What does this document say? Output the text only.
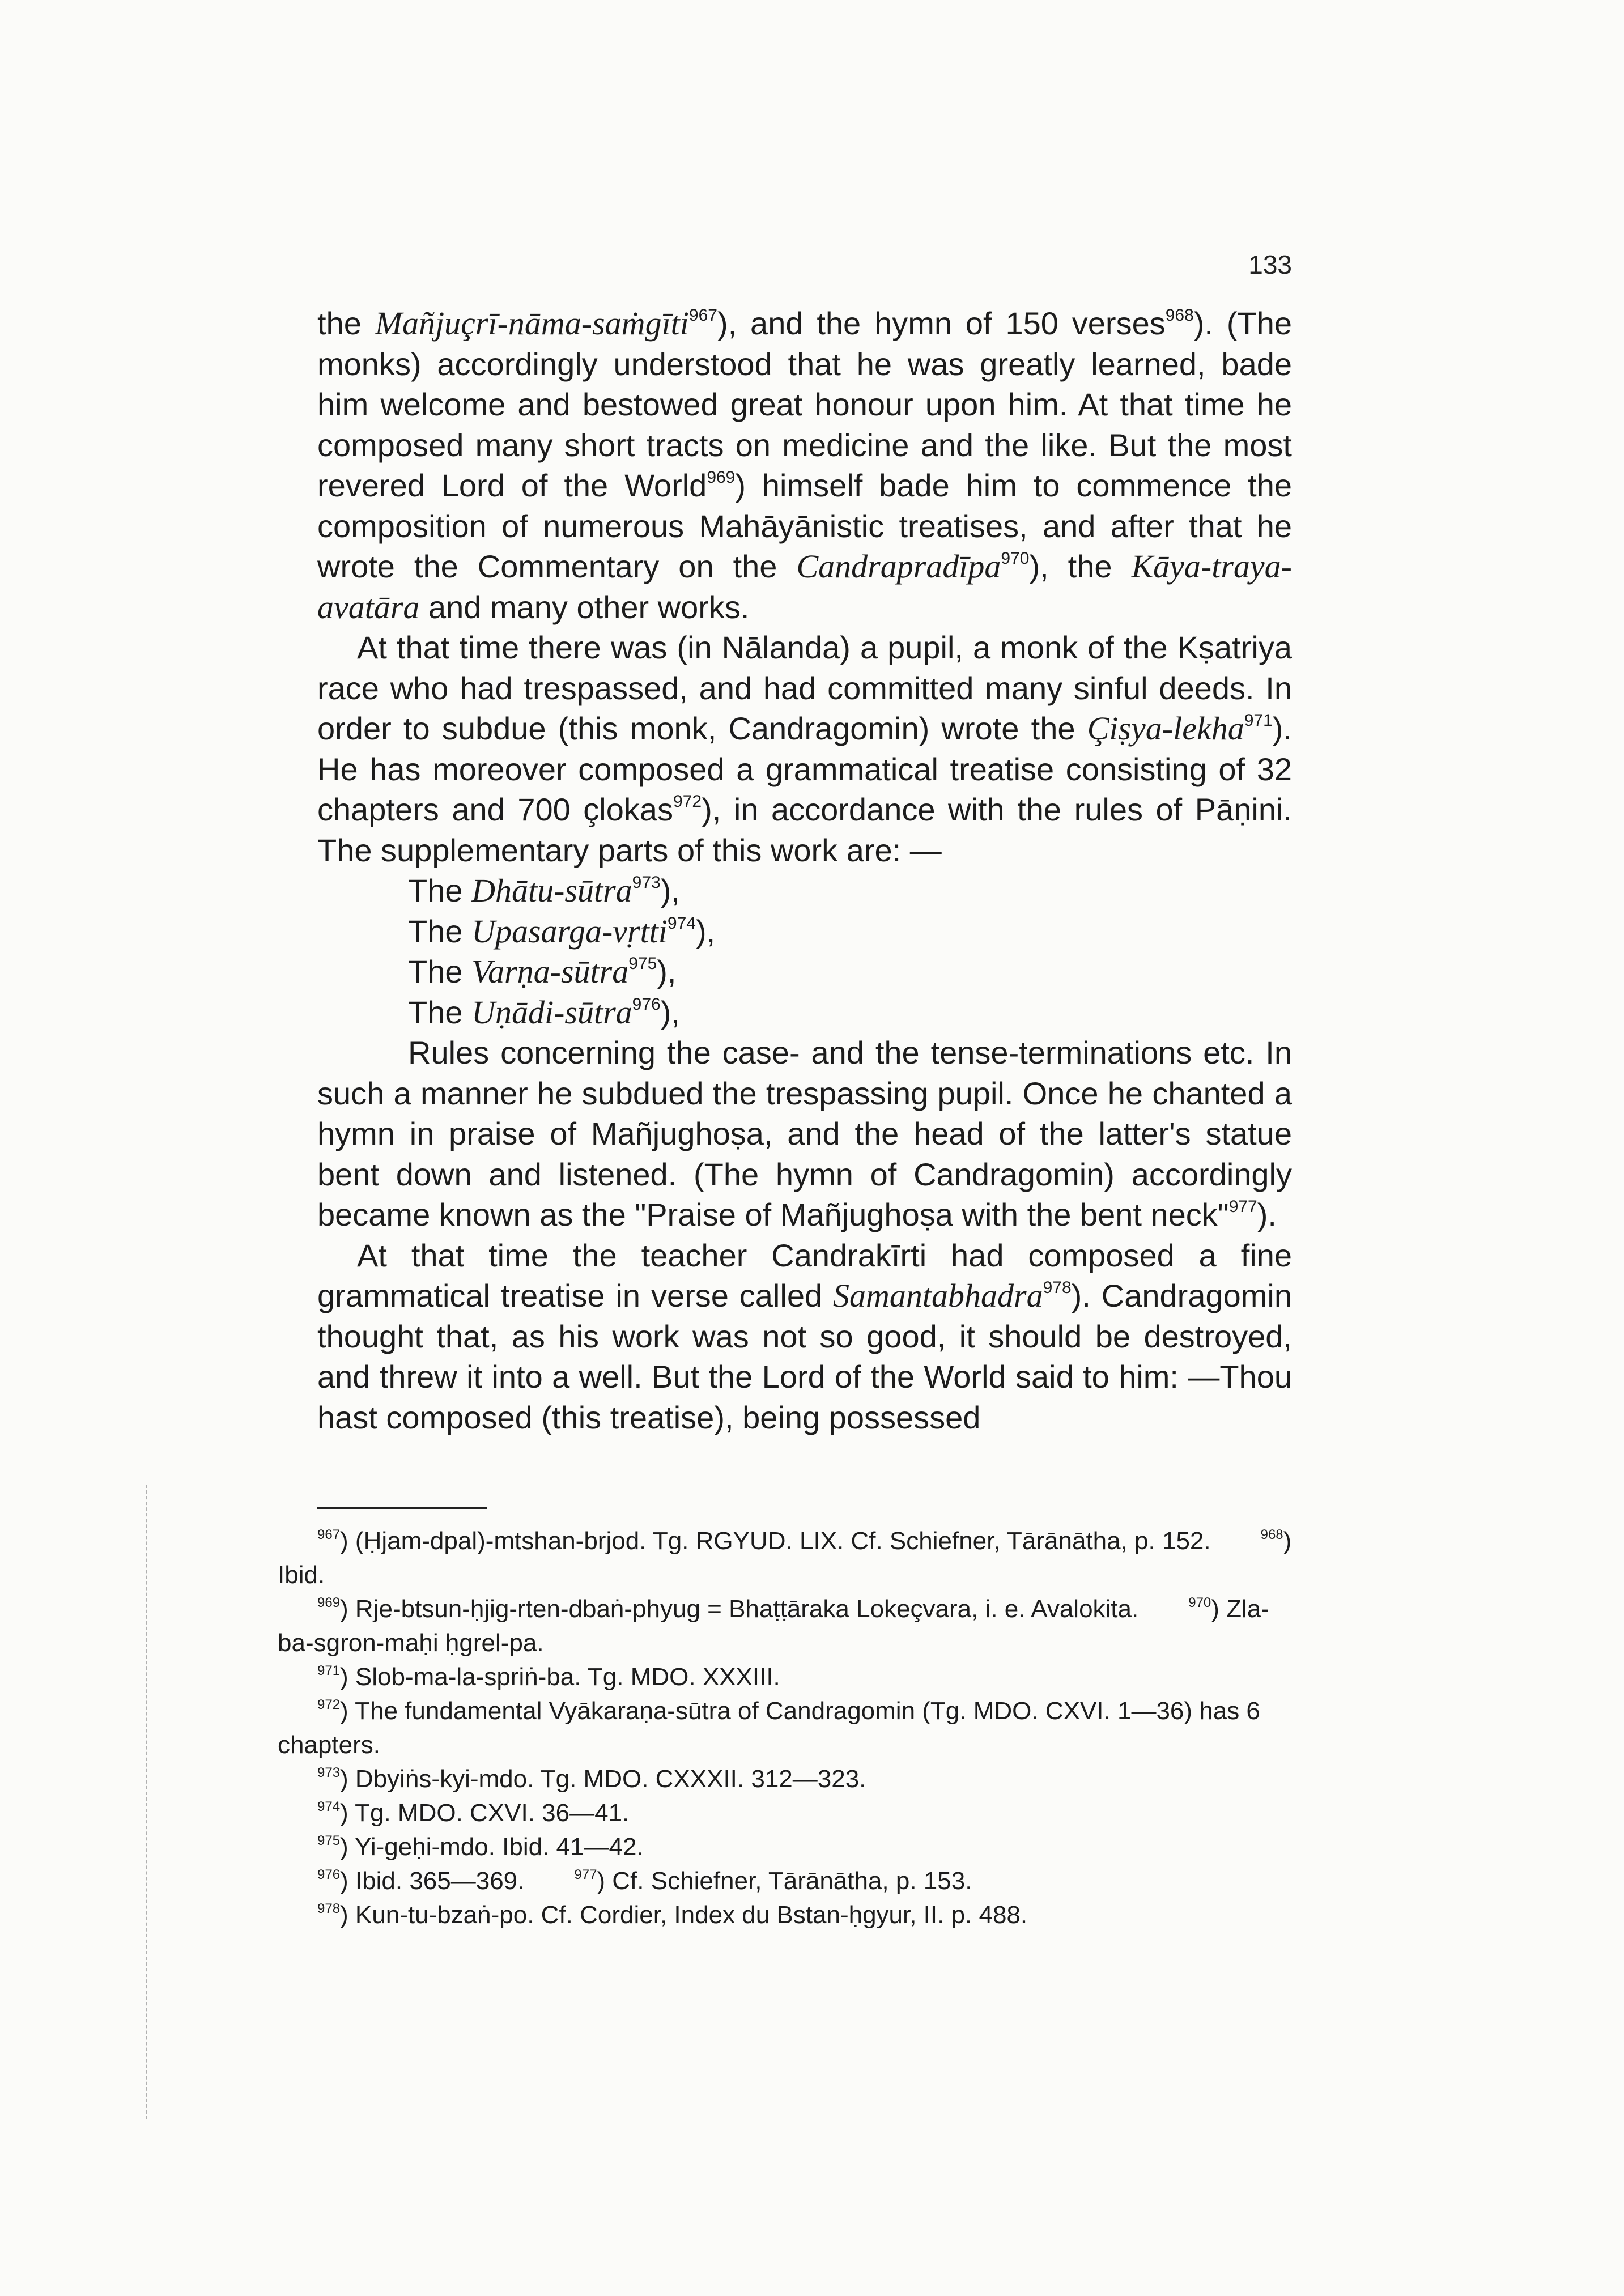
133

the Mañjuçrī-nāma-saṁgīti$^{967}$), and the hymn of 150 verses$^{968}$). (The monks) accordingly understood that he was greatly learned, bade him welcome and bestowed great honour upon him. At that time he composed many short tracts on medicine and the like. But the most revered Lord of the World$^{969}$) himself bade him to commence the composition of numerous Mahāyānistic treatises, and after that he wrote the Commentary on the Candrapradīpa$^{970}$), the Kāya-traya-avatāra and many other works.

At that time there was (in Nālanda) a pupil, a monk of the Kṣatriya race who had trespassed, and had committed many sinful deeds. In order to subdue (this monk, Candragomin) wrote the Çiṣya-lekha$^{971}$). He has moreover composed a grammatical treatise consisting of 32 chapters and 700 çlokas$^{972}$), in accordance with the rules of Pāṇini. The supplementary parts of this work are: —

The Dhātu-sūtra$^{973}$),
The Upasarga-vṛtti$^{974}$),
The Varṇa-sūtra$^{975}$),
The Uṇādi-sūtra$^{976}$),

Rules concerning the case- and the tense-terminations etc. In such a manner he subdued the trespassing pupil. Once he chanted a hymn in praise of Mañjughoṣa, and the head of the latter's statue bent down and listened. (The hymn of Candragomin) accordingly became known as the "Praise of Mañjughoṣa with the bent neck"$^{977}$).

At that time the teacher Candrakīrti had composed a fine grammatical treatise in verse called Samantabhadra$^{978}$). Candragomin thought that, as his work was not so good, it should be destroyed, and threw it into a well. But the Lord of the World said to him: —Thou hast composed (this treatise), being possessed

$^{967}$) (Ḥjam-dpal)-mtshan-brjod. Tg. RGYUD. LIX. Cf. Schiefner, Tārānātha, p. 152.  	$^{968}$) Ibid.

$^{969}$) Rje-btsun-ḥjig-rten-dbaṅ-phyug = Bhaṭṭāraka Lokeçvara, i. e. Avalokita.  	$^{970}$) Zla-ba-sgron-maḥi ḥgrel-pa.

$^{971}$) Slob-ma-la-spriṅ-ba. Tg. MDO. XXXIII.

$^{972}$) The fundamental Vyākaraṇa-sūtra of Candragomin (Tg. MDO. CXVI. 1—36) has 6 chapters.

$^{973}$) Dbyiṅs-kyi-mdo. Tg. MDO. CXXXII. 312—323.

$^{974}$) Tg. MDO. CXVI. 36—41.

$^{975}$) Yi-geḥi-mdo. Ibid. 41—42.

$^{976}$) Ibid. 365—369.  	$^{977}$) Cf. Schiefner, Tārānātha, p. 153.

$^{978}$) Kun-tu-bzaṅ-po. Cf. Cordier, Index du Bstan-ḥgyur, II. p. 488.
